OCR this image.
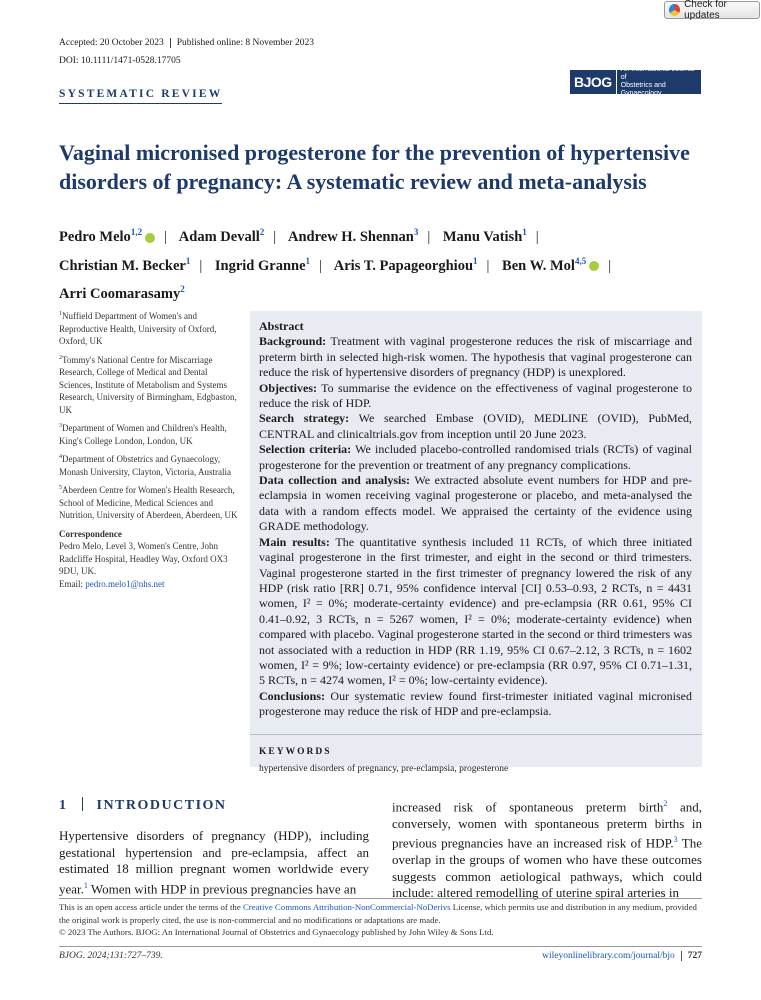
Check for updates
Accepted: 20 October 2023 Published online: 8 November 2023
DOI: 10.1111/1471-0528.17705
BJOG
An International Journal of
Obstetrics and Gynaecology
SYSTEMATIC REVIEW
Vaginal micronised progesterone for the prevention of hypertensive disorders of pregnancy: A systematic review and meta-analysis
Pedro Melo$^{1,2}$ | Adam Devall$^2$ | Andrew H. Shennan$^3$ | Manu Vatish$^1$ |
Christian M. Becker$^1$ | Ingrid Granne$^1$ | Aris T. Papageorghiou$^1$ | Ben W. Mol$^{4,5}$ |
Arri Coomarasamy$^2$

$^1$Nuffield Department of Women's and Reproductive Health, University of Oxford, Oxford, UK

$^2$Tommy's National Centre for Miscarriage Research, College of Medical and Dental Sciences, Institute of Metabolism and Systems Research, University of Birmingham, Edgbaston, UK

$^3$Department of Women and Children's Health, King's College London, London, UK

$^4$Department of Obstetrics and Gynaecology, Monash University, Clayton, Victoria, Australia

$^5$Aberdeen Centre for Women's Health Research, School of Medicine, Medical Sciences and Nutrition, University of Aberdeen, Aberdeen, UK

Correspondence

Pedro Melo, Level 3, Women's Centre, John Radcliffe Hospital, Headley Way, Oxford OX3 9DU, UK.
Email: pedro.melo1@nhs.net

Abstract

Background: Treatment with vaginal progesterone reduces the risk of miscarriage and preterm birth in selected high-risk women. The hypothesis that vaginal progesterone can reduce the risk of hypertensive disorders of pregnancy (HDP) is unexplored.

Objectives: To summarise the evidence on the effectiveness of vaginal progesterone to reduce the risk of HDP.

Search strategy: We searched Embase (OVID), MEDLINE (OVID), PubMed, CENTRAL and clinicaltrials.gov from inception until 20 June 2023.

Selection criteria: We included placebo-controlled randomised trials (RCTs) of vaginal progesterone for the prevention or treatment of any pregnancy complications.

Data collection and analysis: We extracted absolute event numbers for HDP and pre-eclampsia in women receiving vaginal progesterone or placebo, and meta-analysed the data with a random effects model. We appraised the certainty of the evidence using GRADE methodology.

Main results: The quantitative synthesis included 11 RCTs, of which three initiated vaginal progesterone in the first trimester, and eight in the second or third trimesters. Vaginal progesterone started in the first trimester of pregnancy lowered the risk of any HDP (risk ratio [RR] 0.71, 95% confidence interval [CI] 0.53–0.93, 2 RCTs, n = 4431 women, I² = 0%; moderate-certainty evidence) and pre-eclampsia (RR 0.61, 95% CI 0.41–0.92, 3 RCTs, n = 5267 women, I² = 0%; moderate-certainty evidence) when compared with placebo. Vaginal progesterone started in the second or third trimesters was not associated with a reduction in HDP (RR 1.19, 95% CI 0.67–2.12, 3 RCTs, n = 1602 women, I² = 9%; low-certainty evidence) or pre-eclampsia (RR 0.97, 95% CI 0.71–1.31, 5 RCTs, n = 4274 women, I² = 0%; low-certainty evidence).

Conclusions: Our systematic review found first-trimester initiated vaginal micronised progesterone may reduce the risk of HDP and pre-eclampsia.

KEYWORDS

hypertensive disorders of pregnancy, pre-eclampsia, progesterone

1 INTRODUCTION
Hypertensive disorders of pregnancy (HDP), including gestational hypertension and pre-eclampsia, affect an estimated 18 million pregnant women worldwide every year.$^1$ Women with HDP in previous pregnancies have an
increased risk of spontaneous preterm birth$^2$ and, conversely, women with spontaneous preterm births in previous pregnancies have an increased risk of HDP.$^3$ The overlap in the groups of women who have these outcomes suggests common aetiological pathways, which could include: altered remodelling of uterine spiral arteries in

This is an open access article under the terms of the Creative Commons Attribution-NonCommercial-NoDerivs License, which permits use and distribution in any medium, provided the original work is properly cited, the use is non-commercial and no modifications or adaptations are made.

© 2023 The Authors. BJOG: An International Journal of Obstetrics and Gynaecology published by John Wiley & Sons Ltd.

BJOG. 2024;131:727–739.	wileyonlinelibrary.com/journal/bjo 727
